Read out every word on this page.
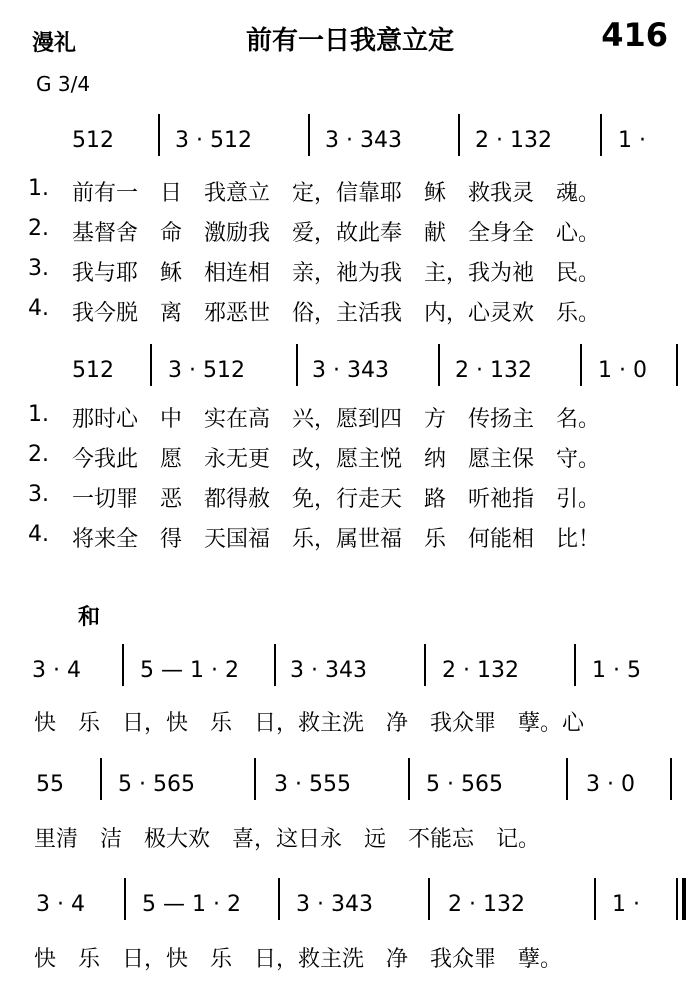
漫礼	前有一日我意立定	416
G 3/4
512	3 · 512	3 · 343	2 · 132	1 ·
1. 前有一　日　我意立　定，信靠耶　稣　救我灵　魂。
2. 基督舍　命　激励我　爱，故此奉　献　全身全　心。
3. 我与耶　稣　相连相　亲，祂为我　主，我为祂　民。
4. 我今脱　离　邪恶世　俗，主活我　内，心灵欢　乐。
512 3 · 512	3 · 343	2 · 132	1 · 0
1. 那时心　中　实在高　兴，愿到四　方　传扬主　名。
2. 今我此　愿　永无更　改，愿主悦　纳　愿主保　守。
3. 一切罪　恶　都得赦　免，行走天　路　听祂指　引。
4. 将来全　得　天国福　乐，属世福　乐　何能相　比！
和
3 · 4	5 — 1 · 2 3 · 343	2 · 132	1 · 5
快　乐　日，快　乐　日，救主洗　净　我众罪　孽。心
55 5 · 565	3 · 555	5 · 565	3 · 0
里清　洁　极大欢　喜，这日永　远　不能忘　记。
3 · 4	5 — 1 · 2	3 · 343	2 · 132	1 ·
快　乐　日，快　乐　日，救主洗　净　我众罪　孽。
